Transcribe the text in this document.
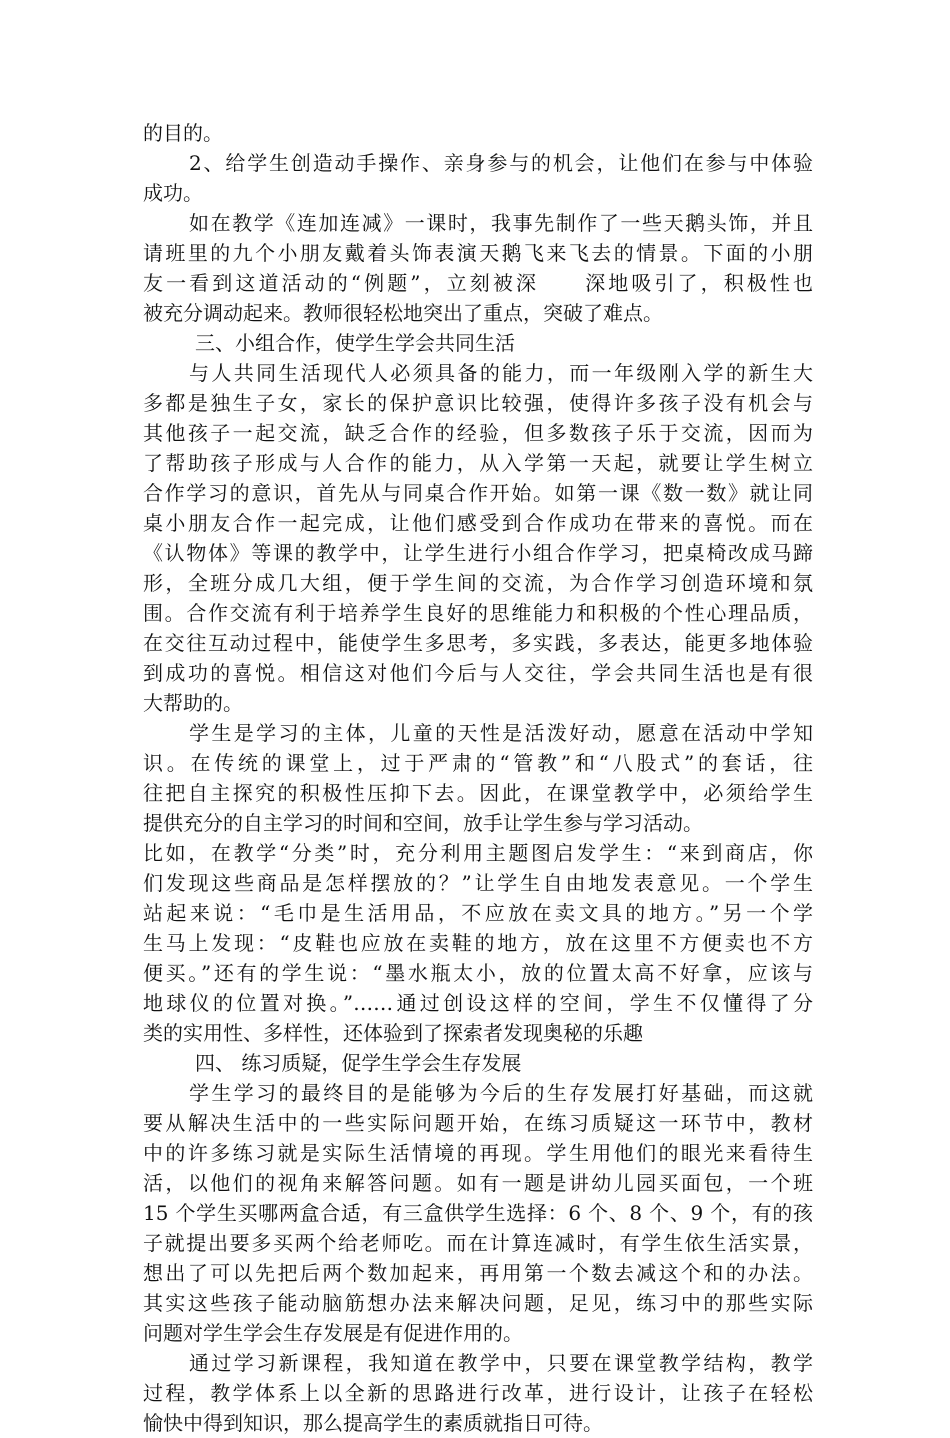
的目的。
2、给学生创造动手操作、亲身参与的机会，让他们在参与中体验
成功。
如在教学《连加连减》一课时，我事先制作了一些天鹅头饰，并且
请班里的九个小朋友戴着头饰表演天鹅飞来飞去的情景。下面的小朋
友一看到这道活动的“例题”，立刻被深　　深地吸引了，积极性也
被充分调动起来。教师很轻松地突出了重点，突破了难点。
三、小组合作，使学生学会共同生活
与人共同生活现代人必须具备的能力，而一年级刚入学的新生大
多都是独生子女，家长的保护意识比较强，使得许多孩子没有机会与
其他孩子一起交流，缺乏合作的经验，但多数孩子乐于交流，因而为
了帮助孩子形成与人合作的能力，从入学第一天起，就要让学生树立
合作学习的意识，首先从与同桌合作开始。如第一课《数一数》就让同
桌小朋友合作一起完成，让他们感受到合作成功在带来的喜悦。而在
《认物体》等课的教学中，让学生进行小组合作学习，把桌椅改成马蹄
形，全班分成几大组，便于学生间的交流，为合作学习创造环境和氛
围。合作交流有利于培养学生良好的思维能力和积极的个性心理品质，
在交往互动过程中，能使学生多思考，多实践，多表达，能更多地体验
到成功的喜悦。相信这对他们今后与人交往，学会共同生活也是有很
大帮助的。
学生是学习的主体，儿童的天性是活泼好动，愿意在活动中学知
识。在传统的课堂上，过于严肃的“管教”和“八股式”的套话，往
往把自主探究的积极性压抑下去。因此，在课堂教学中，必须给学生
提供充分的自主学习的时间和空间，放手让学生参与学习活动。
比如，在教学“分类”时，充分利用主题图启发学生：“来到商店，你
们发现这些商品是怎样摆放的？”让学生自由地发表意见。一个学生
站起来说：“毛巾是生活用品，不应放在卖文具的地方。”另一个学
生马上发现：“皮鞋也应放在卖鞋的地方，放在这里不方便卖也不方
便买。”还有的学生说：“墨水瓶太小，放的位置太高不好拿，应该与
地球仪的位置对换。”……通过创设这样的空间，学生不仅懂得了分
类的实用性、多样性，还体验到了探索者发现奥秘的乐趣
四、 练习质疑，促学生学会生存发展
学生学习的最终目的是能够为今后的生存发展打好基础，而这就
要从解决生活中的一些实际问题开始，在练习质疑这一环节中，教材
中的许多练习就是实际生活情境的再现。学生用他们的眼光来看待生
活，以他们的视角来解答问题。如有一题是讲幼儿园买面包，一个班
15 个学生买哪两盒合适，有三盒供学生选择：6 个、8 个、9 个，有的孩
子就提出要多买两个给老师吃。而在计算连减时，有学生依生活实景，
想出了可以先把后两个数加起来，再用第一个数去减这个和的办法。
其实这些孩子能动脑筋想办法来解决问题，足见，练习中的那些实际
问题对学生学会生存发展是有促进作用的。
通过学习新课程，我知道在教学中，只要在课堂教学结构，教学
过程，教学体系上以全新的思路进行改革，进行设计，让孩子在轻松
愉快中得到知识，那么提高学生的素质就指日可待。
